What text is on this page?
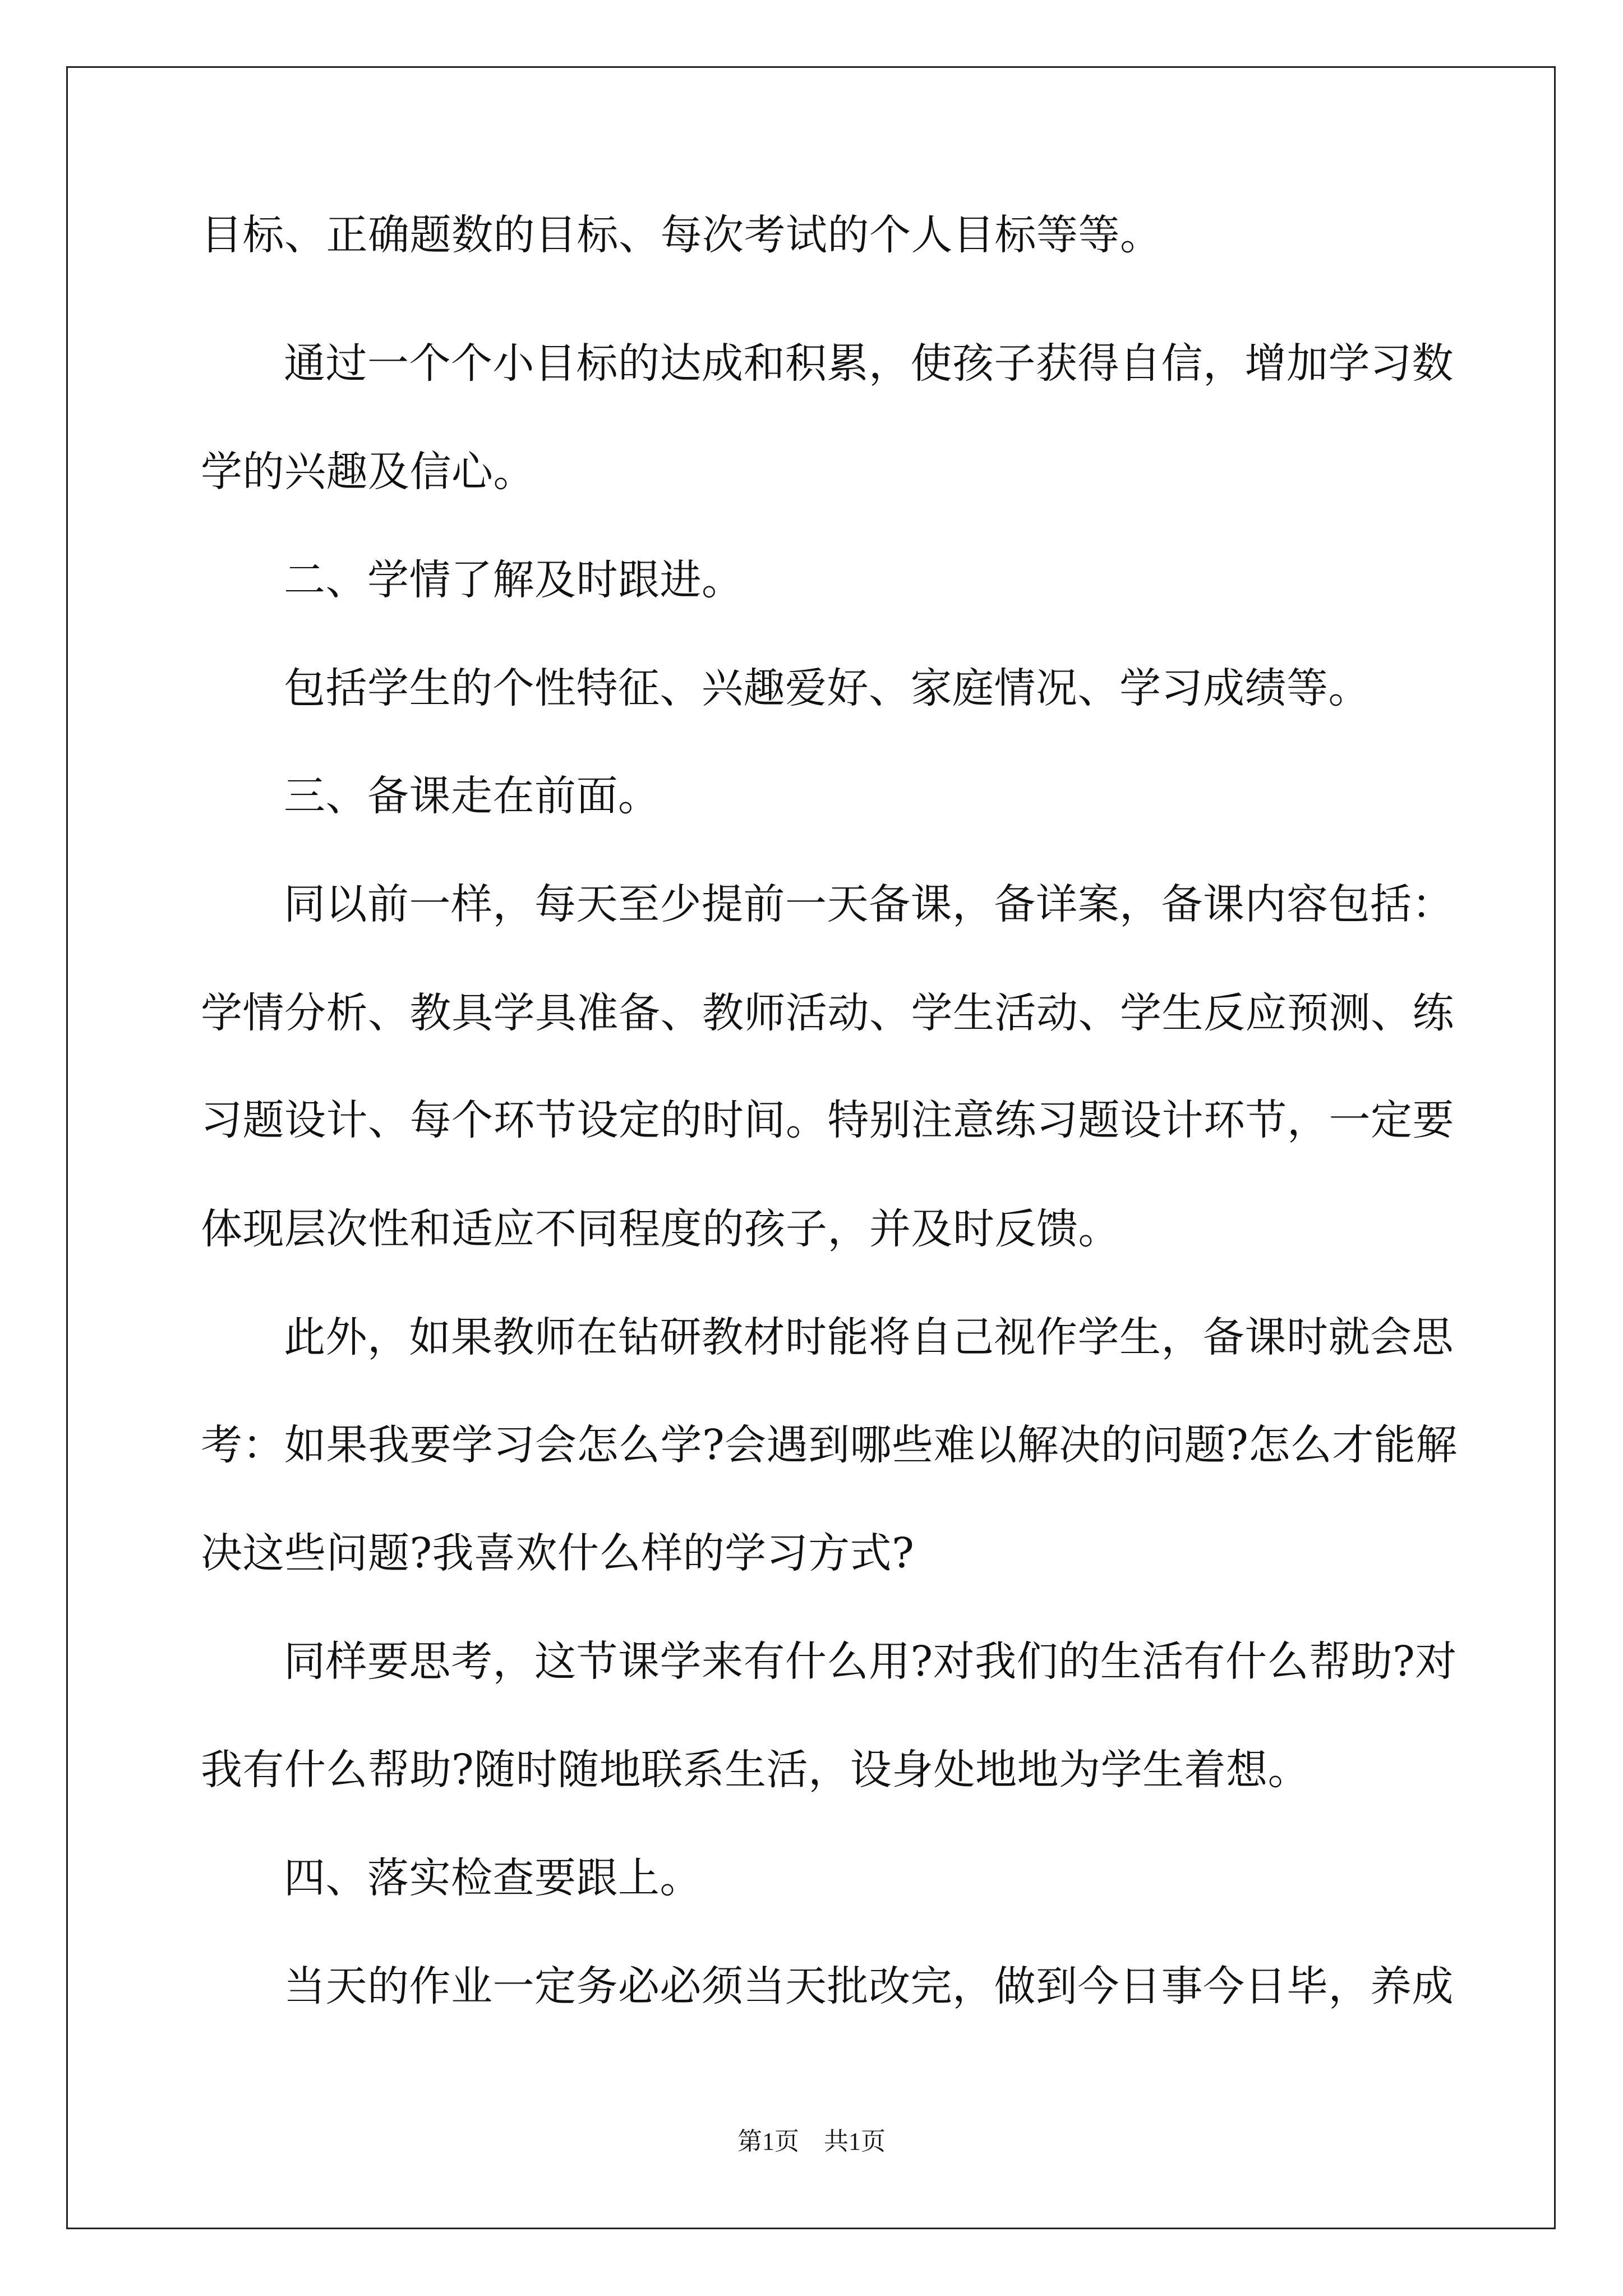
目标、正确题数的目标、每次考试的个人目标等等。
通过一个个小目标的达成和积累，使孩子获得自信，增加学习数
学的兴趣及信心。
二、学情了解及时跟进。
包括学生的个性特征、兴趣爱好、家庭情况、学习成绩等。
三、备课走在前面。
同以前一样，每天至少提前一天备课，备详案，备课内容包括：
学情分析、教具学具准备、教师活动、学生活动、学生反应预测、练
习题设计、每个环节设定的时间。特别注意练习题设计环节，一定要
体现层次性和适应不同程度的孩子，并及时反馈。
此外，如果教师在钻研教材时能将自己视作学生，备课时就会思
考：如果我要学习会怎么学?会遇到哪些难以解决的问题?怎么才能解
决这些问题?我喜欢什么样的学习方式?
同样要思考，这节课学来有什么用?对我们的生活有什么帮助?对
我有什么帮助?随时随地联系生活，设身处地地为学生着想。
四、落实检查要跟上。
当天的作业一定务必必须当天批改完，做到今日事今日毕，养成
第1页　共1页
